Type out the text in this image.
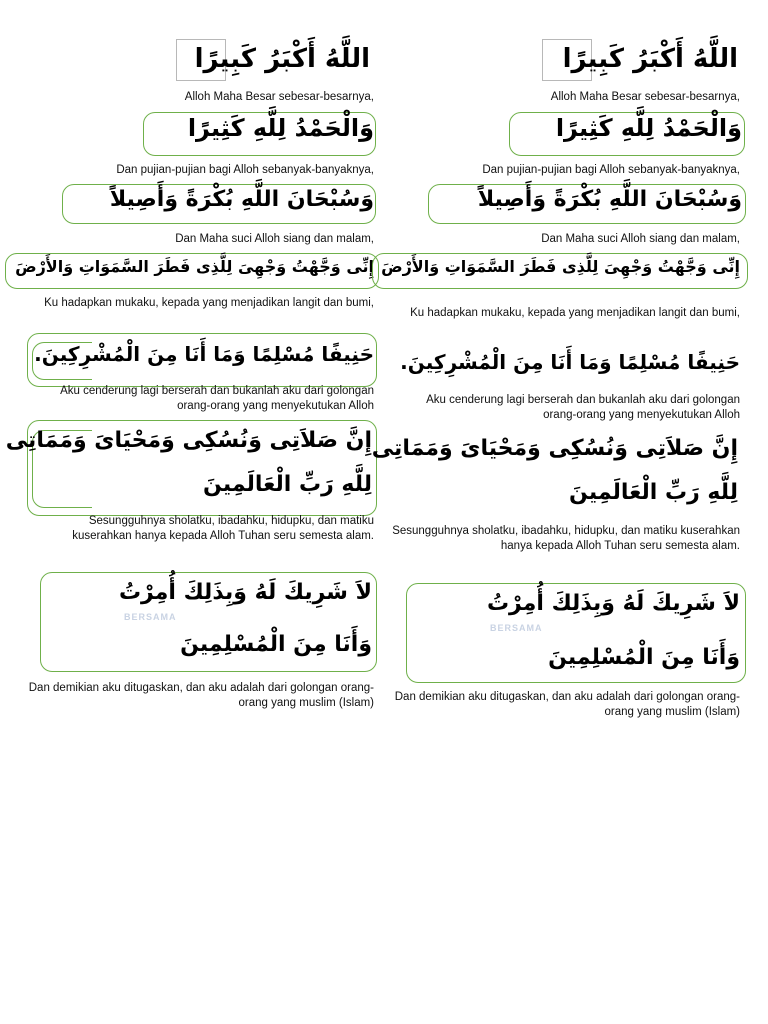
اللَّهُ أَكْبَرُ كَبِيرًا
Alloh Maha Besar sebesar-besarnya,
وَالْحَمْدُ لِلَّهِ كَثِيرًا
Dan pujian-pujian bagi Alloh sebanyak-banyaknya,
وَسُبْحَانَ اللَّهِ بُكْرَةً وَأَصِيلاً
Dan Maha suci Alloh siang dan malam,
إِنِّى وَجَّهْتُ وَجْهِىَ لِلَّذِى فَطَرَ السَّمَوَاتِ وَالأَرْضَ
Ku hadapkan mukaku, kepada yang menjadikan langit dan bumi,
حَنِيفًا مُسْلِمًا وَمَا أَنَا مِنَ الْمُشْرِكِينَ.
Aku cenderung lagi berserah dan bukanlah aku dari golongan orang-orang yang menyekutukan Alloh
إِنَّ صَلاَتِى وَنُسُكِى وَمَحْيَاىَ وَمَمَاتِى
لِلَّهِ رَبِّ الْعَالَمِينَ
Sesungguhnya sholatku, ibadahku, hidupku, dan matiku kuserahkan hanya kepada Alloh Tuhan seru semesta alam.
لاَ شَرِيكَ لَهُ وَبِذَلِكَ أُمِرْتُ
BERSAMA
وَأَنَا مِنَ الْمُسْلِمِينَ
Dan demikian aku ditugaskan, dan aku adalah dari golongan orang-orang yang muslim (Islam)
اللَّهُ أَكْبَرُ كَبِيرًا
Alloh Maha Besar sebesar-besarnya,
وَالْحَمْدُ لِلَّهِ كَثِيرًا
Dan pujian-pujian bagi Alloh sebanyak-banyaknya,
وَسُبْحَانَ اللَّهِ بُكْرَةً وَأَصِيلاً
Dan Maha suci Alloh siang dan malam,
إِنِّى وَجَّهْتُ وَجْهِىَ لِلَّذِى فَطَرَ السَّمَوَاتِ وَالأَرْضَ
Ku hadapkan mukaku, kepada yang menjadikan langit dan bumi,
حَنِيفًا مُسْلِمًا وَمَا أَنَا مِنَ الْمُشْرِكِينَ.
Aku cenderung lagi berserah dan bukanlah aku dari golongan orang-orang yang menyekutukan Alloh
إِنَّ صَلاَتِى وَنُسُكِى وَمَحْيَاىَ وَمَمَاتِى
لِلَّهِ رَبِّ الْعَالَمِينَ
Sesungguhnya sholatku, ibadahku, hidupku, dan matiku kuserahkan hanya kepada Alloh Tuhan seru semesta alam.
لاَ شَرِيكَ لَهُ وَبِذَلِكَ أُمِرْتُ
BERSAMA
وَأَنَا مِنَ الْمُسْلِمِينَ
Dan demikian aku ditugaskan, dan aku adalah dari golongan orang-orang yang muslim (Islam)
